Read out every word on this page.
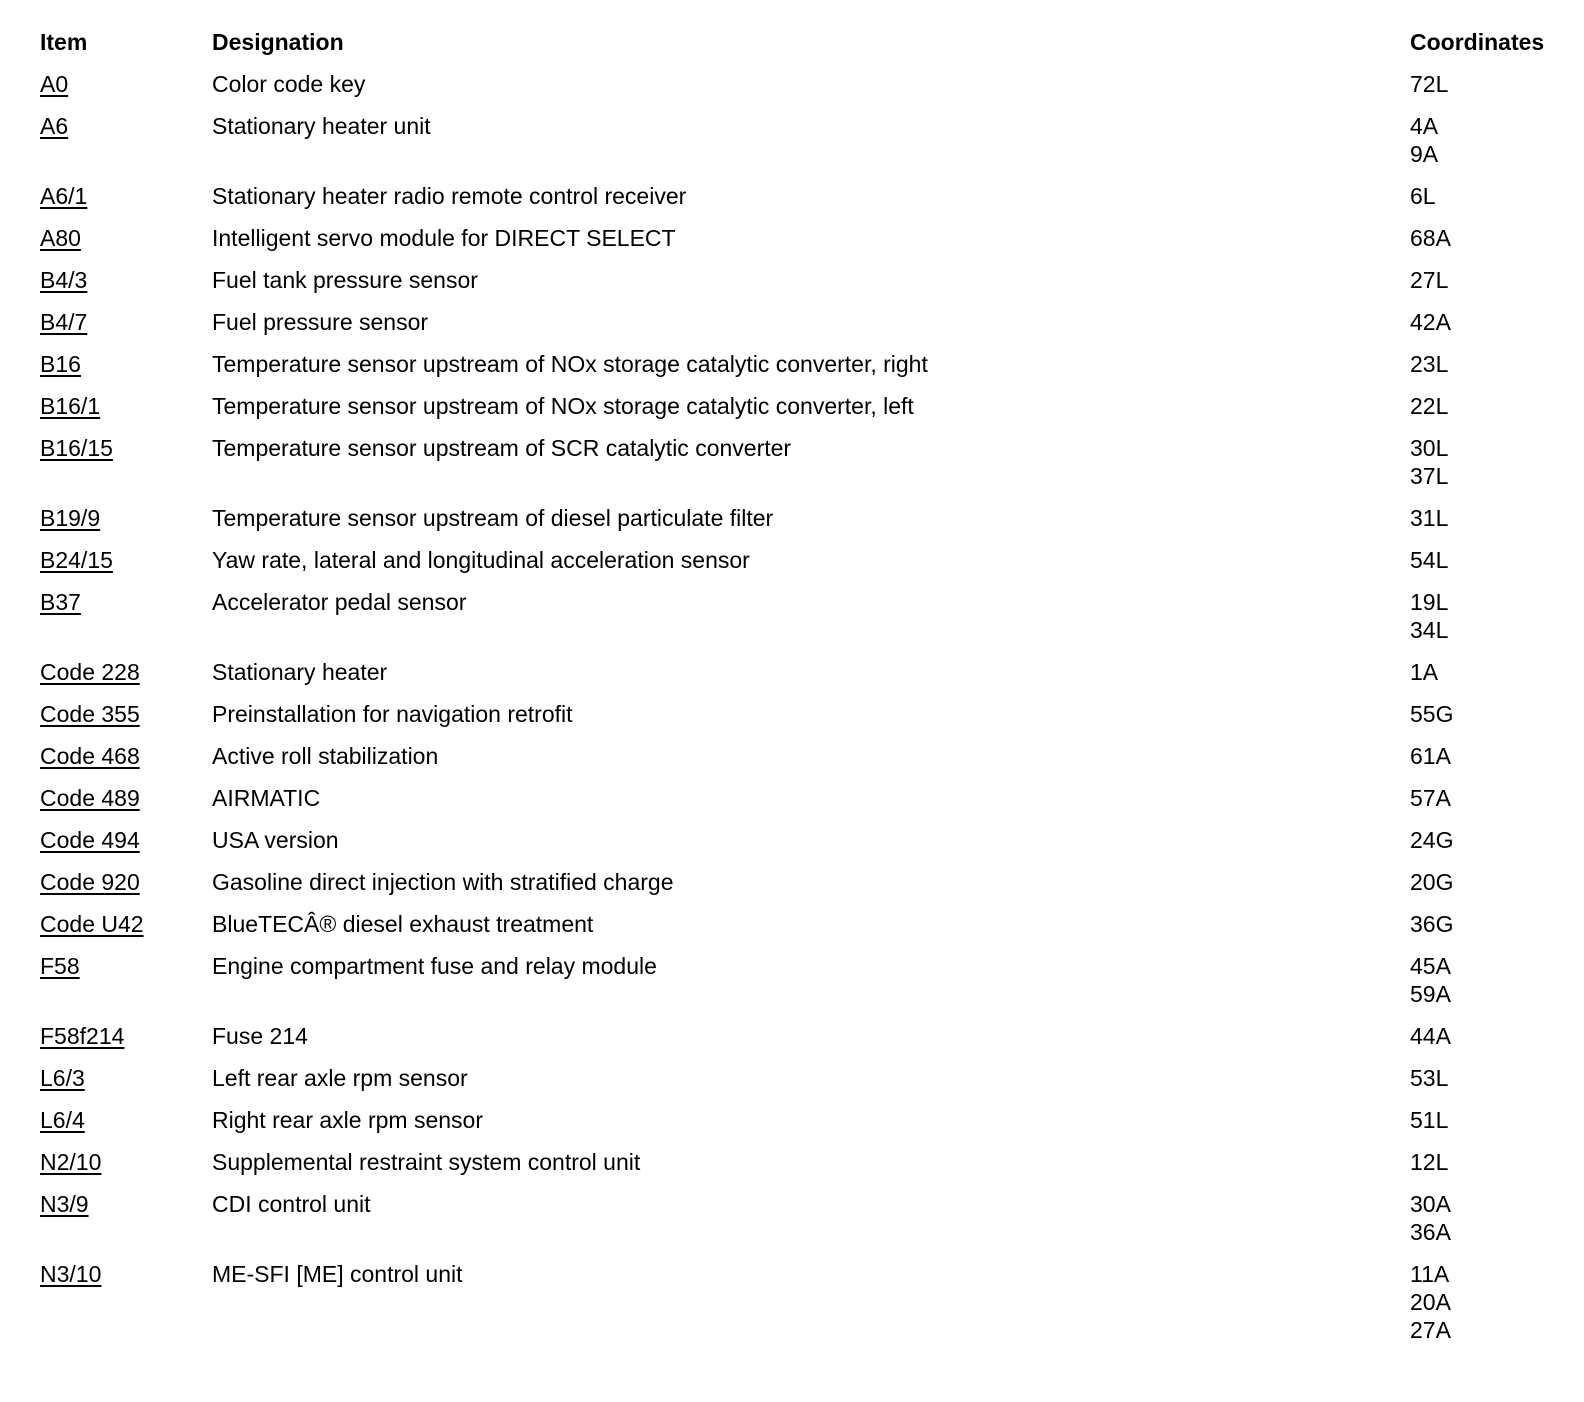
Item	Designation	Coordinates
A0	Color code key	72L
A6	Stationary heater unit	4A
9A
A6/1	Stationary heater radio remote control receiver	6L
A80	Intelligent servo module for DIRECT SELECT	68A
B4/3	Fuel tank pressure sensor	27L
B4/7	Fuel pressure sensor	42A
B16	Temperature sensor upstream of NOx storage catalytic converter, right	23L
B16/1	Temperature sensor upstream of NOx storage catalytic converter, left	22L
B16/15	Temperature sensor upstream of SCR catalytic converter	30L
37L
B19/9	Temperature sensor upstream of diesel particulate filter	31L
B24/15	Yaw rate, lateral and longitudinal acceleration sensor	54L
B37	Accelerator pedal sensor	19L
34L
Code 228	Stationary heater	1A
Code 355	Preinstallation for navigation retrofit	55G
Code 468	Active roll stabilization	61A
Code 489	AIRMATIC	57A
Code 494	USA version	24G
Code 920	Gasoline direct injection with stratified charge	20G
Code U42	BlueTECÂ® diesel exhaust treatment	36G
F58	Engine compartment fuse and relay module	45A
59A
F58f214	Fuse 214	44A
L6/3	Left rear axle rpm sensor	53L
L6/4	Right rear axle rpm sensor	51L
N2/10	Supplemental restraint system control unit	12L
N3/9	CDI control unit	30A
36A
N3/10	ME-SFI [ME] control unit	11A
20A
27A
